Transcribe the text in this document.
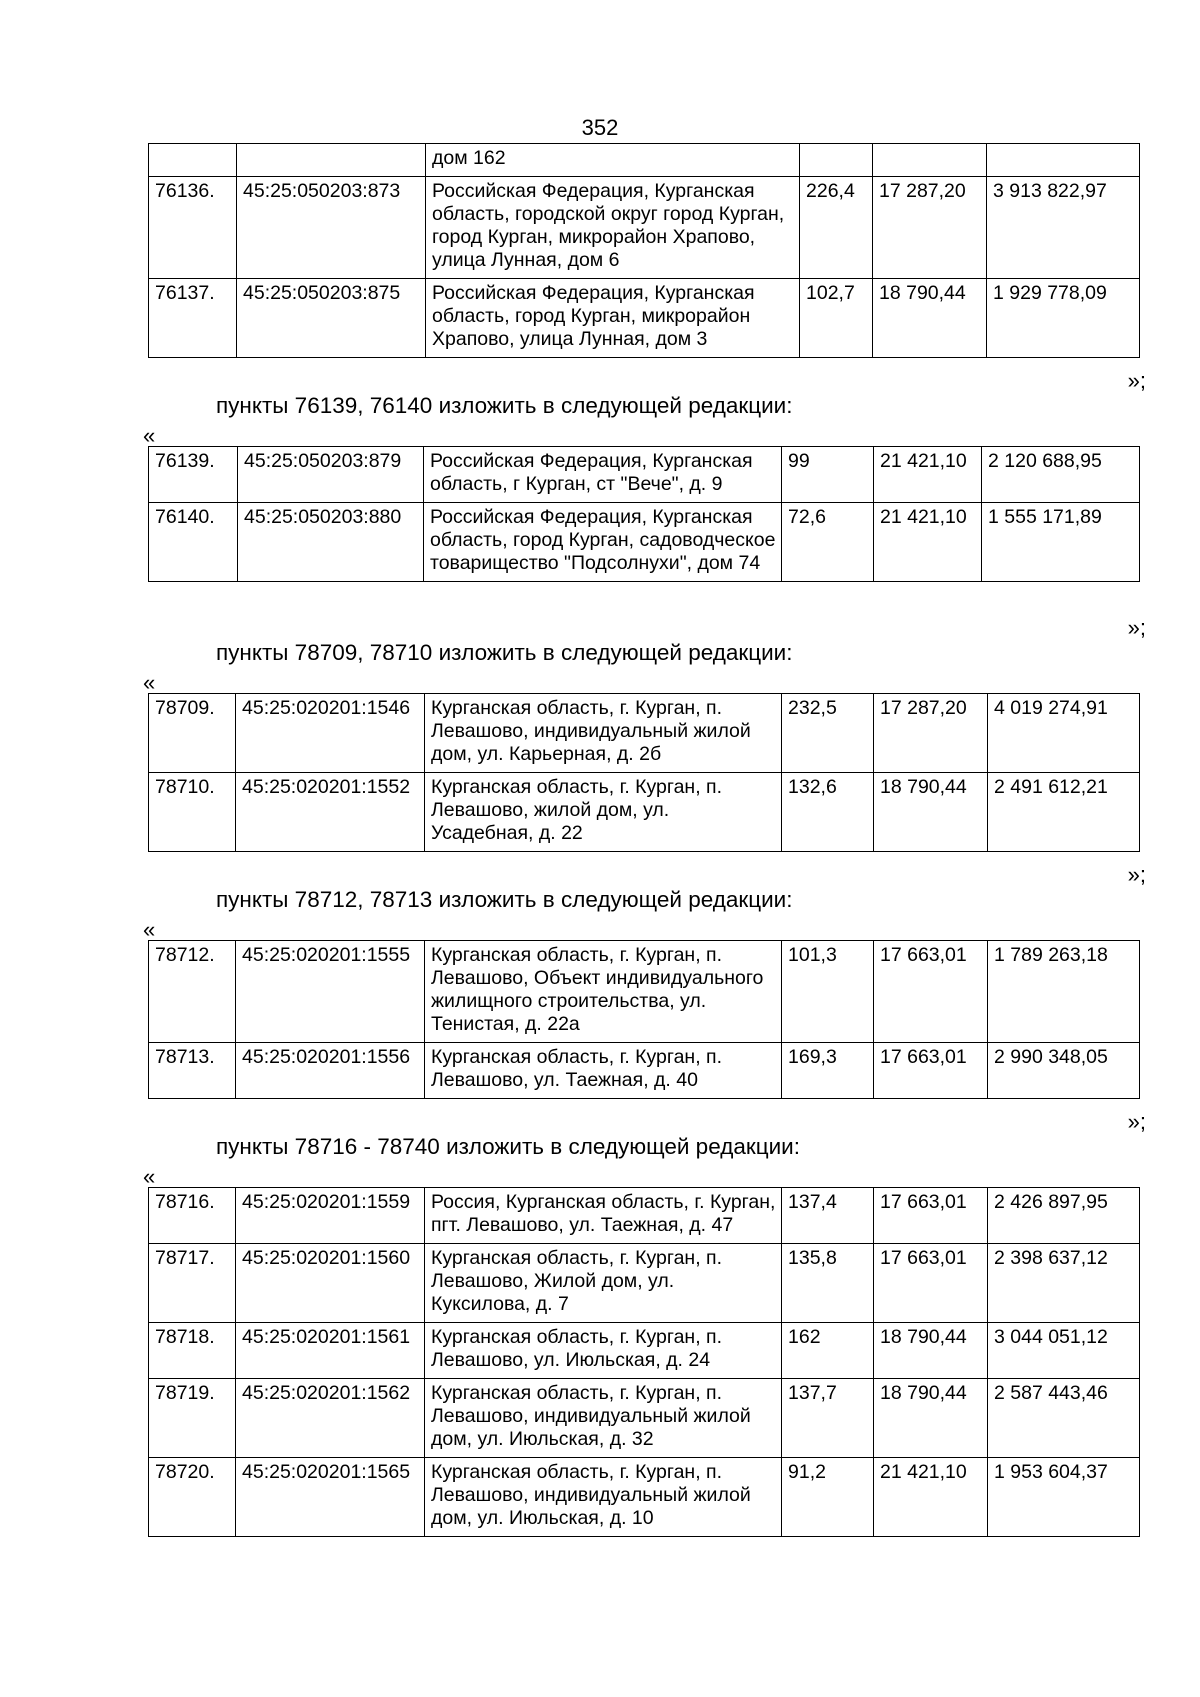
352
		дом 162			
76136.	45:25:050203:873	Российская Федерация, Курганская область, городской округ город Курган, город Курган, микрорайон Храпово, улица Лунная, дом 6	226,4	17 287,20	3 913 822,97
76137.	45:25:050203:875	Российская Федерация, Курганская область, город Курган, микрорайон Храпово, улица Лунная, дом 3	102,7	18 790,44	1 929 778,09
»;
пункты 76139, 76140 изложить в следующей редакции:
«
76139.	45:25:050203:879	Российская Федерация, Курганская область, г Курган, ст "Вече", д. 9	99	21 421,10	2 120 688,95
76140.	45:25:050203:880	Российская Федерация, Курганская область, город Курган, садоводческое товарищество "Подсолнухи", дом 74	72,6	21 421,10	1 555 171,89
»;
пункты 78709, 78710 изложить в следующей редакции:
«
78709.	45:25:020201:1546	Курганская область, г. Курган, п. Левашово, индивидуальный жилой дом, ул. Карьерная, д. 2б	232,5	17 287,20	4 019 274,91
78710.	45:25:020201:1552	Курганская область, г. Курган, п. Левашово, жилой дом, ул. Усадебная, д. 22	132,6	18 790,44	2 491 612,21
»;
пункты 78712, 78713 изложить в следующей редакции:
«
78712.	45:25:020201:1555	Курганская область, г. Курган, п. Левашово, Объект индивидуального жилищного строительства, ул. Тенистая, д. 22а	101,3	17 663,01	1 789 263,18
78713.	45:25:020201:1556	Курганская область, г. Курган, п. Левашово, ул. Таежная, д. 40	169,3	17 663,01	2 990 348,05
»;
пункты 78716 - 78740 изложить в следующей редакции:
«
78716.	45:25:020201:1559	Россия, Курганская область, г. Курган, пгт. Левашово, ул. Таежная, д. 47	137,4	17 663,01	2 426 897,95
78717.	45:25:020201:1560	Курганская область, г. Курган, п. Левашово, Жилой дом, ул. Куксилова, д. 7	135,8	17 663,01	2 398 637,12
78718.	45:25:020201:1561	Курганская область, г. Курган, п. Левашово, ул. Июльская, д. 24	162	18 790,44	3 044 051,12
78719.	45:25:020201:1562	Курганская область, г. Курган, п. Левашово, индивидуальный жилой дом, ул. Июльская, д. 32	137,7	18 790,44	2 587 443,46
78720.	45:25:020201:1565	Курганская область, г. Курган, п. Левашово, индивидуальный жилой дом, ул. Июльская, д. 10	91,2	21 421,10	1 953 604,37
